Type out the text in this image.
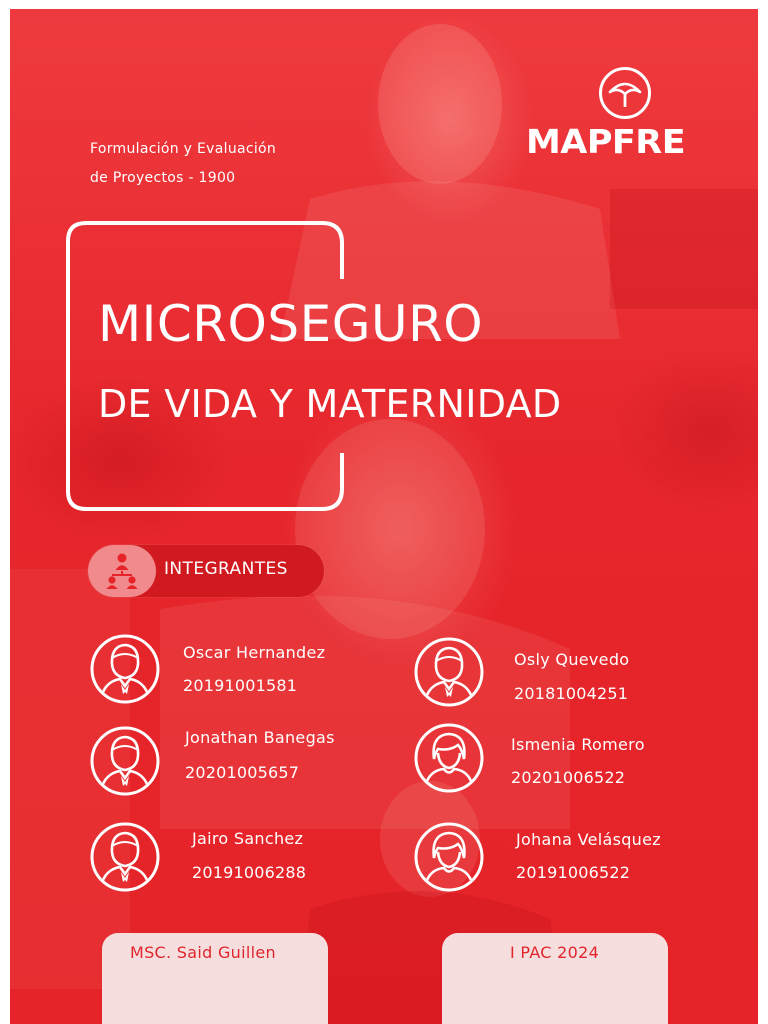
Formulación y Evaluación
de Proyectos - 1900
MAPFRE
MICROSEGURO
DE VIDA Y MATERNIDAD
INTEGRANTES
Oscar Hernandez
20191001581
Osly Quevedo
20181004251
Jonathan Banegas
20201005657
Ismenia Romero
20201006522
Jairo Sanchez
20191006288
Johana Velásquez
20191006522
MSC. Said Guillen	I PAC 2024
